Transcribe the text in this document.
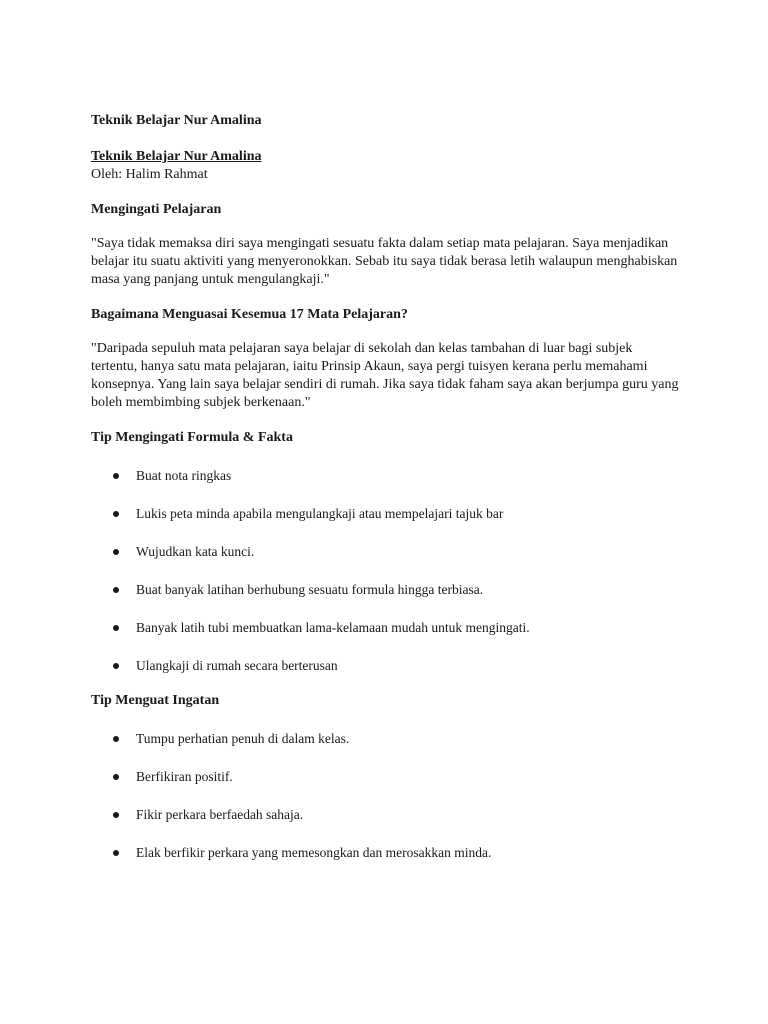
Teknik Belajar Nur Amalina

Teknik Belajar Nur Amalina

Oleh: Halim Rahmat

Mengingati Pelajaran

"Saya tidak memaksa diri saya mengingati sesuatu fakta dalam setiap mata pelajaran. Saya menjadikan belajar itu suatu aktiviti yang menyeronokkan. Sebab itu saya tidak berasa letih walaupun menghabiskan masa yang panjang untuk mengulangkaji."

Bagaimana Menguasai Kesemua 17 Mata Pelajaran?

"Daripada sepuluh mata pelajaran saya belajar di sekolah dan kelas tambahan di luar bagi subjek tertentu, hanya satu mata pelajaran, iaitu Prinsip Akaun, saya pergi tuisyen kerana perlu memahami konsepnya. Yang lain saya belajar sendiri di rumah. Jika saya tidak faham saya akan berjumpa guru yang boleh membimbing subjek berkenaan."

Tip Mengingati Formula & Fakta

Buat nota ringkas
Lukis peta minda apabila mengulangkaji atau mempelajari tajuk bar
Wujudkan kata kunci.
Buat banyak latihan berhubung sesuatu formula hingga terbiasa.
Banyak latih tubi membuatkan lama-kelamaan mudah untuk mengingati.
Ulangkaji di rumah secara berterusan

Tip Menguat Ingatan

Tumpu perhatian penuh di dalam kelas.
Berfikiran positif.
Fikir perkara berfaedah sahaja.
Elak berfikir perkara yang memesongkan dan merosakkan minda.
